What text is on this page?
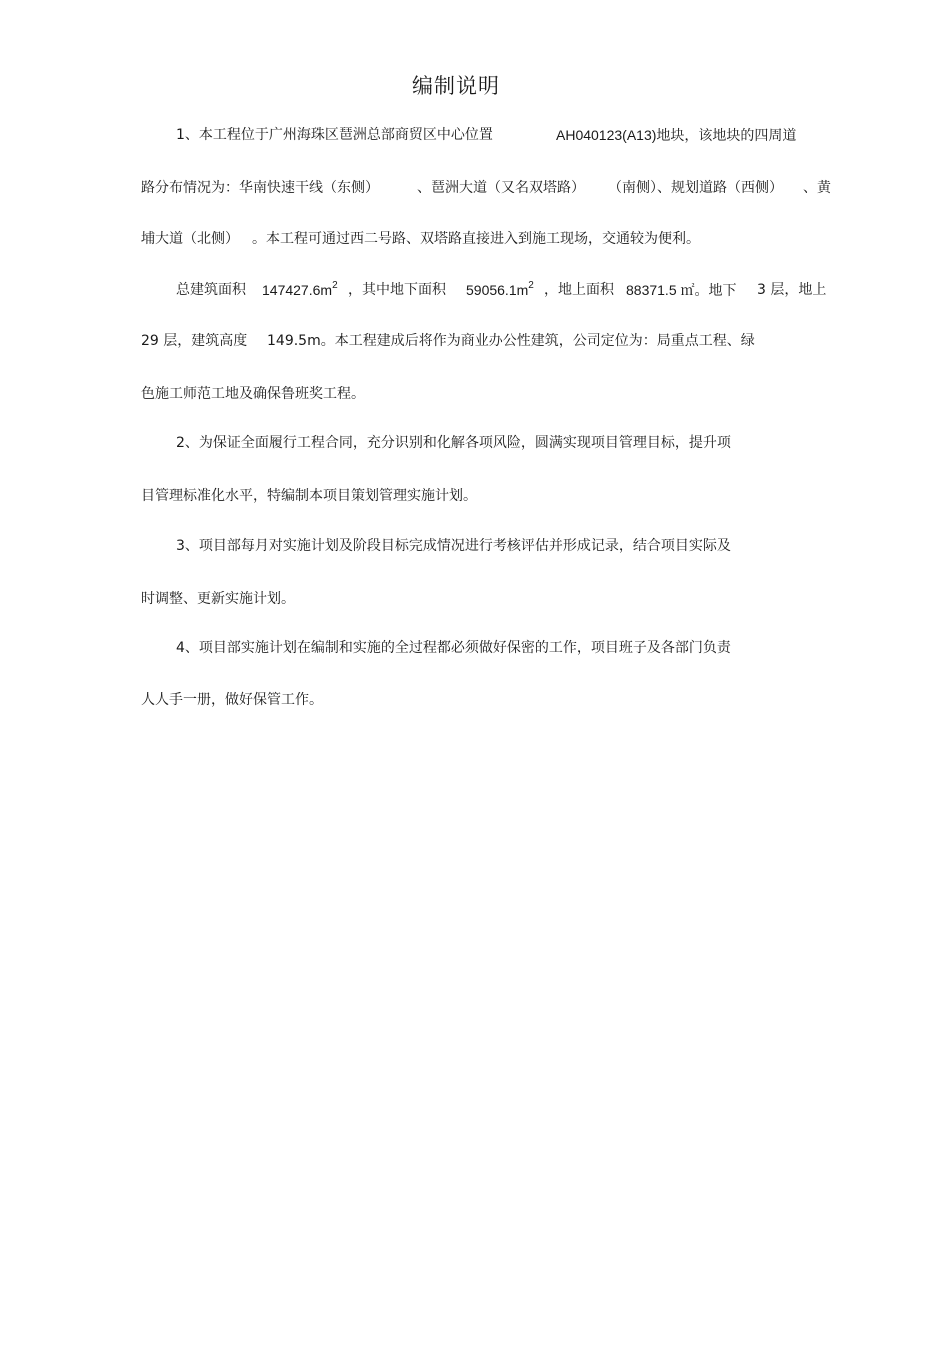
编制说明
1、本工程位于广州海珠区琶洲总部商贸区中心位置	AH040123(A13)地块，该地块的四周道
路分布情况为：华南快速干线（东侧）	、琶洲大道（又名双塔路） （南侧）、规划道路（西侧） 、黄
埔大道（北侧） 。本工程可通过西二号路、双塔路直接进入到施工现场，交通较为便利。
总建筑面积 $147427.6m^2$ ，其中地下面积 $59056.1m^2$ ，地上面积 88371.5 ㎡。地下 3 层，地上
29 层，建筑高度 149.5m。本工程建成后将作为商业办公性建筑，公司定位为：局重点工程、绿
色施工师范工地及确保鲁班奖工程。
2、为保证全面履行工程合同，充分识别和化解各项风险，圆满实现项目管理目标，提升项
目管理标准化水平，特编制本项目策划管理实施计划。
3、项目部每月对实施计划及阶段目标完成情况进行考核评估并形成记录，结合项目实际及
时调整、更新实施计划。
4、项目部实施计划在编制和实施的全过程都必须做好保密的工作，项目班子及各部门负责
人人手一册，做好保管工作。
